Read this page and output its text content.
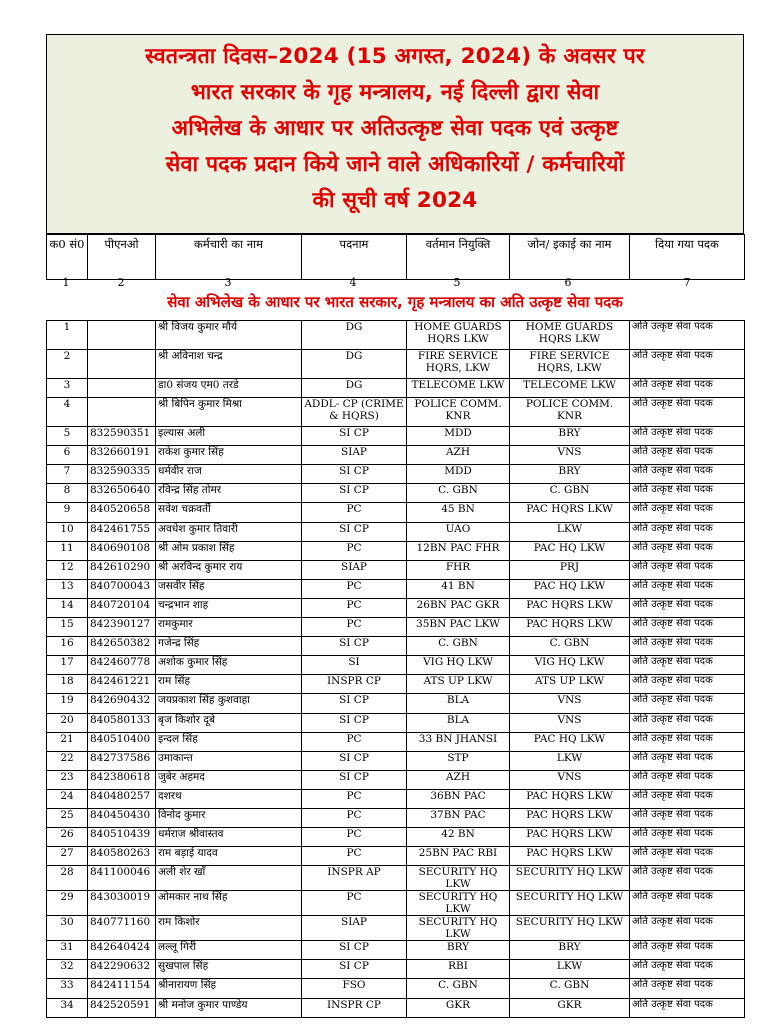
स्वतन्त्रता दिवस–2024 (15 अगस्त, 2024) के अवसर पर
भारत सरकार के गृह मन्त्रालय, नई दिल्ली द्वारा सेवा
अभिलेख के आधार पर अतिउत्कृष्ट सेवा पदक एवं उत्कृष्ट
सेवा पदक प्रदान किये जाने वाले अधिकारियों / कर्मचारियों
की सूची वर्ष 2024
क0 सं0	पीएनओ	कर्मचारी का नाम	पदनाम	वर्तमान नियुक्ति	जोन/ इकाई का नाम	दिया गया पदक
1	2	3	4	5	6	7
सेवा अभिलेख के आधार पर भारत सरकार, गृह मन्त्रालय का अति उत्कृष्ट सेवा पदक
1		श्री विजय कुमार मौर्य	DG	HOME GUARDS HQRS LKW	HOME GUARDS HQRS LKW	अति उत्कृष्ट सेवा पदक
2		श्री अविनाश चन्द्र	DG	FIRE SERVICE HQRS, LKW	FIRE SERVICE HQRS, LKW	अति उत्कृष्ट सेवा पदक
3		डा0 संजय एम0 तरडे	DG	TELECOME LKW	TELECOME LKW	अति उत्कृष्ट सेवा पदक
4		श्री बिपिन कुमार मिश्रा	ADDL- CP (CRIME & HQRS)	POLICE COMM. KNR	POLICE COMM. KNR	अति उत्कृष्ट सेवा पदक
5	832590351	इल्यास अली	SI CP	MDD	BRY	अति उत्कृष्ट सेवा पदक
6	832660191	राकेश कुमार सिंह	SIAP	AZH	VNS	अति उत्कृष्ट सेवा पदक
7	832590335	धर्मवीर राज	SI CP	MDD	BRY	अति उत्कृष्ट सेवा पदक
8	832650640	रविन्द्र सिंह तोमर	SI CP	C. GBN	C. GBN	अति उत्कृष्ट सेवा पदक
9	840520658	सवेश चक्रवर्ती	PC	45 BN	PAC HQRS LKW	अति उत्कृष्ट सेवा पदक
10	842461755	अवधेश कुमार तिवारी	SI CP	UAO	LKW	अति उत्कृष्ट सेवा पदक
11	840690108	श्री ओम प्रकाश सिंह	PC	12BN PAC FHR	PAC HQ LKW	अति उत्कृष्ट सेवा पदक
12	842610290	श्री अरविन्द कुमार राय	SIAP	FHR	PRJ	अति उत्कृष्ट सेवा पदक
13	840700043	जसवीर सिंह	PC	41 BN	PAC HQ LKW	अति उत्कृष्ट सेवा पदक
14	840720104	चन्द्रभान शाह	PC	26BN PAC GKR	PAC HQRS LKW	अति उत्कृष्ट सेवा पदक
15	842390127	रामकुमार	PC	35BN PAC LKW	PAC HQRS LKW	अति उत्कृष्ट सेवा पदक
16	842650382	गजेन्द्र सिंह	SI CP	C. GBN	C. GBN	अति उत्कृष्ट सेवा पदक
17	842460778	अशोक कुमार सिंह	SI	VIG HQ LKW	VIG HQ LKW	अति उत्कृष्ट सेवा पदक
18	842461221	राम सिंह	INSPR CP	ATS UP LKW	ATS UP LKW	अति उत्कृष्ट सेवा पदक
19	842690432	जयप्रकाश सिंह कुशवाहा	SI CP	BLA	VNS	अति उत्कृष्ट सेवा पदक
20	840580133	बृज किशोर दूबे	SI CP	BLA	VNS	अति उत्कृष्ट सेवा पदक
21	840510400	इन्दल सिंह	PC	33 BN JHANSI	PAC HQ LKW	अति उत्कृष्ट सेवा पदक
22	842737586	उमाकान्त	SI CP	STP	LKW	अति उत्कृष्ट सेवा पदक
23	842380618	जुबेर अहमद	SI CP	AZH	VNS	अति उत्कृष्ट सेवा पदक
24	840480257	दशरथ	PC	36BN PAC	PAC HQRS LKW	अति उत्कृष्ट सेवा पदक
25	840450430	विनोद कुमार	PC	37BN PAC	PAC HQRS LKW	अति उत्कृष्ट सेवा पदक
26	840510439	धर्मराज श्रीवास्तव	PC	42 BN	PAC HQRS LKW	अति उत्कृष्ट सेवा पदक
27	840580263	राम बड़ाई यादव	PC	25BN PAC RBI	PAC HQRS LKW	अति उत्कृष्ट सेवा पदक
28	841100046	अली शेर खाँ	INSPR AP	SECURITY HQ LKW	SECURITY HQ LKW	अति उत्कृष्ट सेवा पदक
29	843030019	ओमकार नाथ सिंह	PC	SECURITY HQ LKW	SECURITY HQ LKW	अति उत्कृष्ट सेवा पदक
30	840771160	राम किशोर	SIAP	SECURITY HQ LKW	SECURITY HQ LKW	अति उत्कृष्ट सेवा पदक
31	842640424	लल्लू गिरी	SI CP	BRY	BRY	अति उत्कृष्ट सेवा पदक
32	842290632	सुखपाल सिंह	SI CP	RBI	LKW	अति उत्कृष्ट सेवा पदक
33	842411154	श्रीनारायण सिंह	FSO	C. GBN	C. GBN	अति उत्कृष्ट सेवा पदक
34	842520591	श्री मनोज कुमार पाण्डेय	INSPR CP	GKR	GKR	अति उत्कृष्ट सेवा पदक
